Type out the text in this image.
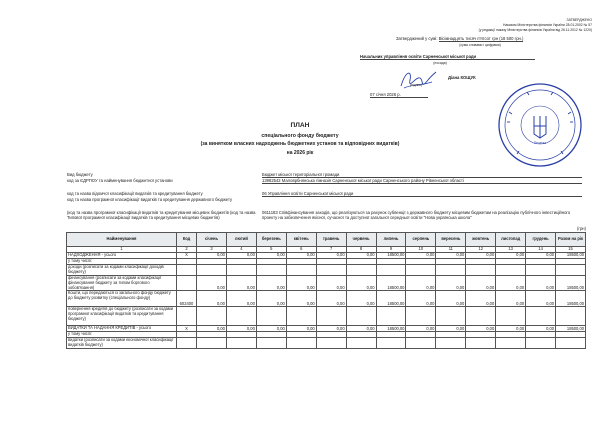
ЗАТВЕРДЖЕНО
Наказом Міністерства фінансів України 28.01.2002 № 57
(у редакції наказу Міністерства фінансів України від 26.11.2012 № 1220)
Затверджений у сумі: Вісімнадцять тисяч п'ятсот грн (18 500 грн.)
(сума словами і цифрами)
Начальник управління освіти Сарненської міської ради
(посада)
Діана КОЩУК
(підпис)
07 січня 2026 р.
Печатка
ПЛАН
спеціального фонду бюджету
(за винятком власних надходжень бюджетних установ та відповідних видатків)
на 2026 рік
Вид бюджету	Бюджет міської територіальної громади
код за ЄДРПОУ та найменування бюджетної установи	13982542 Маловрбнянська гімназія Сарненської міської ради Сарненського району Рівненської області
код та назва відомчої класифікації видатків та кредитування бюджету	06 Управління освіти Сарненської міської ради
код та назва програмної класифікації видатків та кредитування державного бюджету
(код та назва програмної класифікації видатків та кредитування місцевих бюджетів (код та назва Типової програмної класифікації видатків та кредитування місцевих бюджетів)
0611183 Співфінансування заходів, що реалізуються за рахунок субвенції з державного бюджету місцевим бюджетам на реалізацію публічного інвестиційного проекту на забезпечення якісної, сучасної та доступної загальної середньої освіти "Нова українська школа"
(грн)
Найменування	Код	січень	лютий	березень	квітень	травень	червень	липень	серпень	вересень	жовтень	листопад	грудень	Разом на рік
1	2	3	4	5	6	7	8	9	10	11	12	13	14	15
НАДХОДЖЕННЯ - усього	Х	0,00	0,00	0,00	0,00	0,00	0,00	18500,00	0,00	0,00	0,00	0,00	0,00	18500,00
у тому числі:														
доходи (розписати за кодами класифікації доходів бюджету)														
фінансування (розписати за кодами класифікації фінансування бюджету за типом боргового зобов'язання)		0,00	0,00	0,00	0,00	0,00	0,00	18500,00	0,00	0,00	0,00	0,00	0,00	18500,00
Кошти, що передаються із загального фонду бюджету до бюджету розвитку (спеціального фонду)	602400	0,00	0,00	0,00	0,00	0,00	0,00	18500,00	0,00	0,00	0,00	0,00	0,00	18500,00
повернення кредитів до бюджету (розписати за кодами програмної класифікації видатків та кредитування бюджету)														
ВИДАТКИ ТА НАДАННЯ КРЕДИТІВ - усього	Х	0,00	0,00	0,00	0,00	0,00	0,00	18500,00	0,00	0,00	0,00	0,00	0,00	18500,00
у тому числі:														
видатки (розписати за кодами економічної класифікації видатків бюджету)														
